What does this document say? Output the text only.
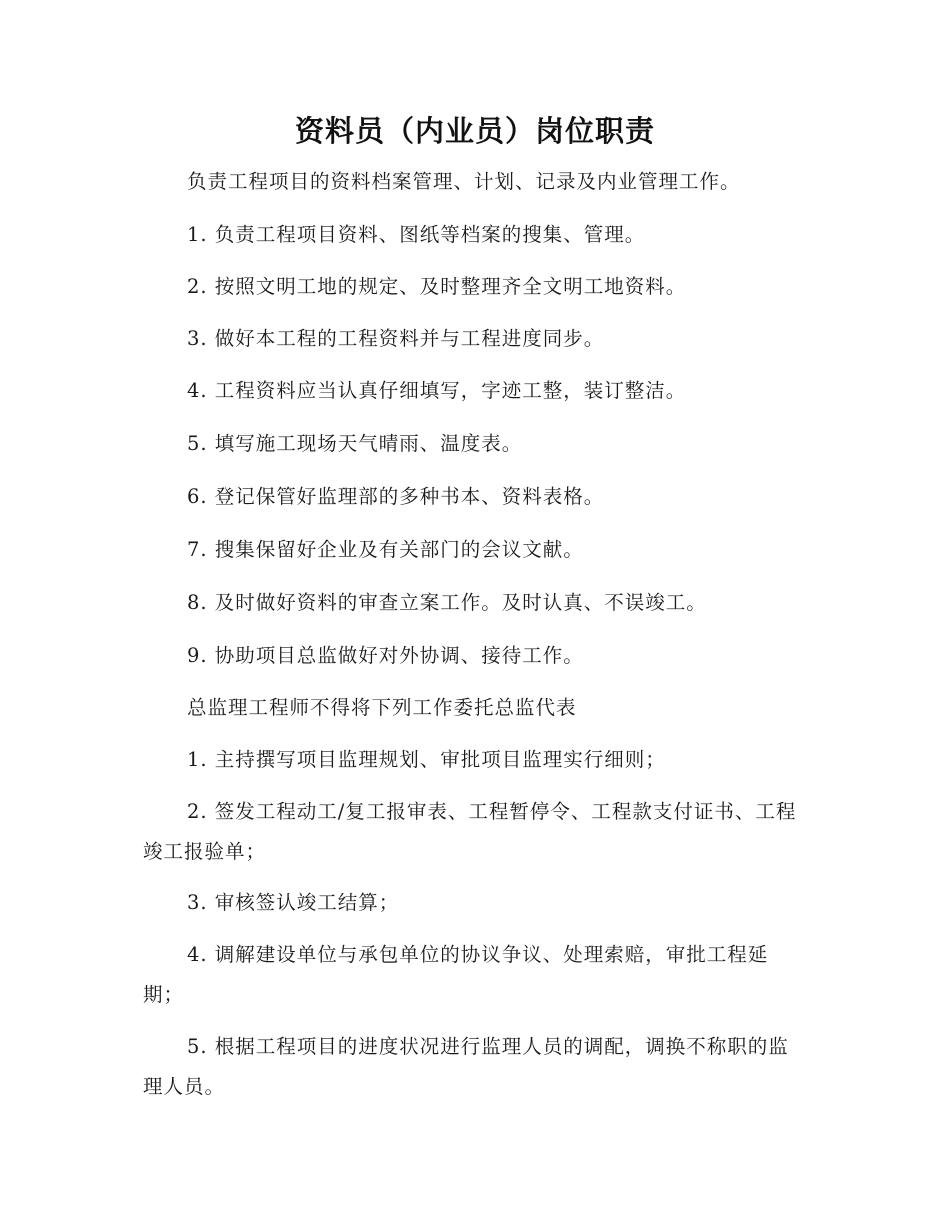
资料员（内业员）岗位职责

负责工程项目的资料档案管理、计划、记录及内业管理工作。

1. 负责工程项目资料、图纸等档案的搜集、管理。

2. 按照文明工地的规定、及时整理齐全文明工地资料。

3. 做好本工程的工程资料并与工程进度同步。

4. 工程资料应当认真仔细填写，字迹工整，装订整洁。

5. 填写施工现场天气晴雨、温度表。

6. 登记保管好监理部的多种书本、资料表格。

7. 搜集保留好企业及有关部门的会议文献。

8. 及时做好资料的审查立案工作。及时认真、不误竣工。

9. 协助项目总监做好对外协调、接待工作。

总监理工程师不得将下列工作委托总监代表

1. 主持撰写项目监理规划、审批项目监理实行细则；

2. 签发工程动工/复工报审表、工程暂停令、工程款支付证书、工程竣工报验单；

3. 审核签认竣工结算；

4. 调解建设单位与承包单位的协议争议、处理索赔，审批工程延期；

5. 根据工程项目的进度状况进行监理人员的调配，调换不称职的监理人员。
